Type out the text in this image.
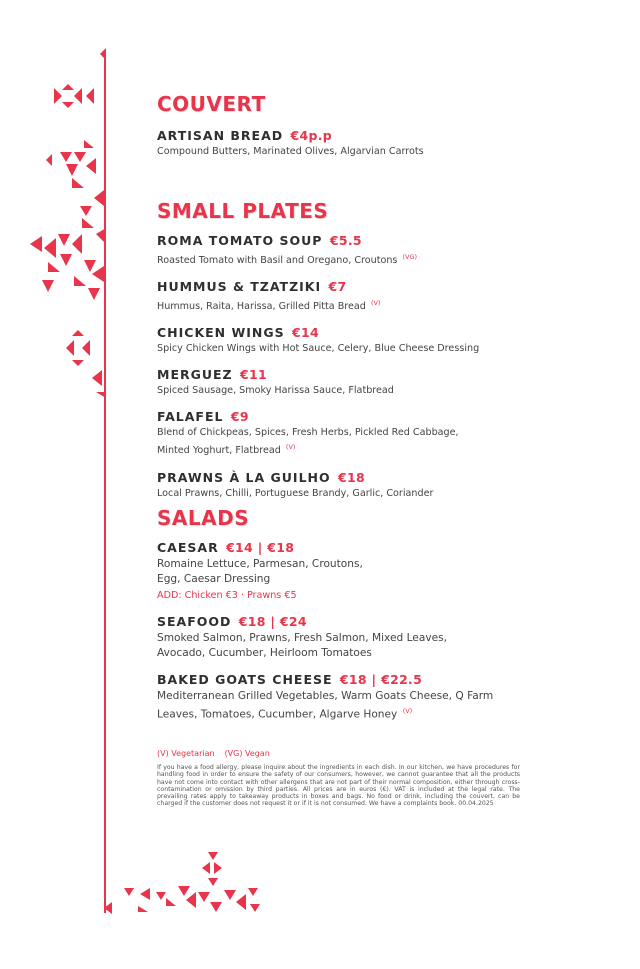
COUVERT
ARTISAN BREAD €4p.p
Compound Butters, Marinated Olives, Algarvian Carrots
SMALL PLATES
ROMA TOMATO SOUP €5.5
Roasted Tomato with Basil and Oregano, Croutons $^{(VG)}$
HUMMUS & TZATZIKI €7
Hummus, Raita, Harissa, Grilled Pitta Bread $^{(V)}$
CHICKEN WINGS €14
Spicy Chicken Wings with Hot Sauce, Celery, Blue Cheese Dressing
MERGUEZ €11
Spiced Sausage, Smoky Harissa Sauce, Flatbread
FALAFEL €9
Blend of Chickpeas, Spices, Fresh Herbs, Pickled Red Cabbage,
Minted Yoghurt, Flatbread $^{(V)}$
PRAWNS À LA GUILHO €18
Local Prawns, Chilli, Portuguese Brandy, Garlic, Coriander
SALADS
CAESAR €14 | €18
Romaine Lettuce, Parmesan, Croutons,
Egg, Caesar Dressing
ADD: Chicken €3 · Prawns €5
SEAFOOD €18 | €24
Smoked Salmon, Prawns, Fresh Salmon, Mixed Leaves,
Avocado, Cucumber, Heirloom Tomatoes
BAKED GOATS CHEESE €18 | €22.5
Mediterranean Grilled Vegetables, Warm Goats Cheese, Q Farm
Leaves, Tomatoes, Cucumber, Algarve Honey $^{(V)}$
(V) Vegetarian (VG) Vegan
If you have a food allergy, please inquire about the ingredients in each dish. In our kitchen, we have procedures for handling food in order to ensure the safety of our consumers, however, we cannot guarantee that all the products have not come into contact with other allergens that are not part of their normal composition, either through cross-contamination or omission by third parties. All prices are in euros (€). VAT is included at the legal rate. The prevailing rates apply to takeaway products in boxes and bags. No food or drink, including the couvert, can be charged if the customer does not request it or if it is not consumed. We have a complaints book. 00.04.2025
